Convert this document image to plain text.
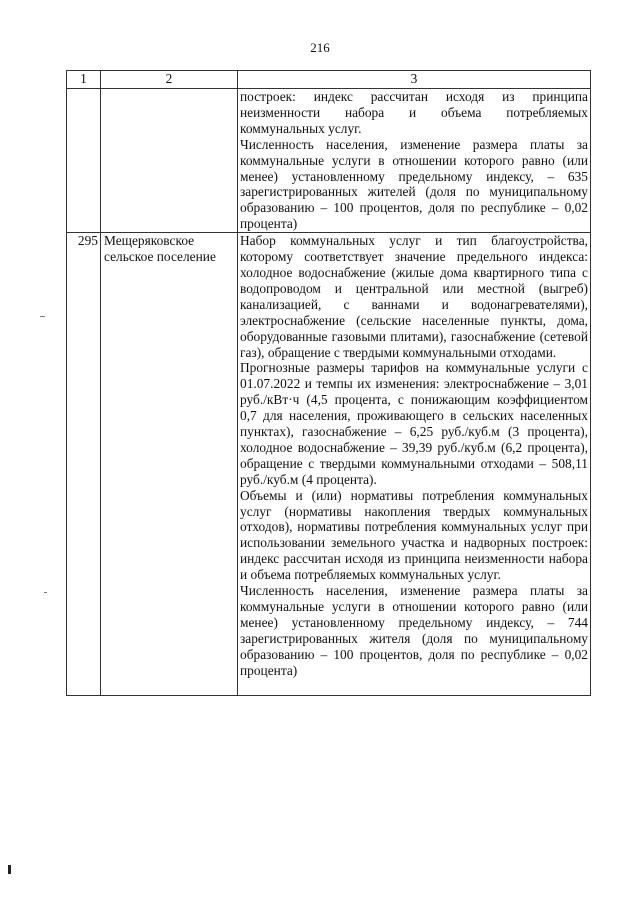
216
1	2	3

		построек: индекс рассчитан исходя из принципа неизменности набора и объема потребляемых коммунальных услуг.

Численность населения, изменение размера платы за коммунальные услуги в отношении которого равно (или менее) установленному предельному индексу, – 635 зарегистрированных жителей (доля по муниципальному образованию – 100 процентов, доля по республике – 0,02 процента)

295	Мещеряковское сельское поселение	Набор коммунальных услуг и тип благоустройства, которому соответствует значение предельного индекса: холодное водоснабжение (жилые дома квартирного типа с водопроводом и центральной или местной (выгреб) канализацией, с ваннами и водонагревателями), электроснабжение (сельские населенные пункты, дома, оборудованные газовыми плитами), газоснабжение (сетевой газ), обращение с твердыми коммунальными отходами.

Прогнозные размеры тарифов на коммунальные услуги с 01.07.2022 и темпы их изменения: электроснабжение – 3,01 руб./кВт·ч (4,5 процента, с понижающим коэффициентом 0,7 для населения, проживающего в сельских населенных пунктах), газоснабжение – 6,25 руб./куб.м (3 процента), холодное водоснабжение – 39,39 руб./куб.м (6,2 процента), обращение с твердыми коммунальными отходами – 508,11 руб./куб.м (4 процента).

Объемы и (или) нормативы потребления коммунальных услуг (нормативы накопления твердых коммунальных отходов), нормативы потребления коммунальных услуг при использовании земельного участка и надворных построек: индекс рассчитан исходя из принципа неизменности набора и объема потребляемых коммунальных услуг.

Численность населения, изменение размера платы за коммунальные услуги в отношении которого равно (или менее) установленному предельному индексу, – 744 зарегистрированных жителя (доля по муниципальному образованию – 100 процентов, доля по республике – 0,02 процента)
